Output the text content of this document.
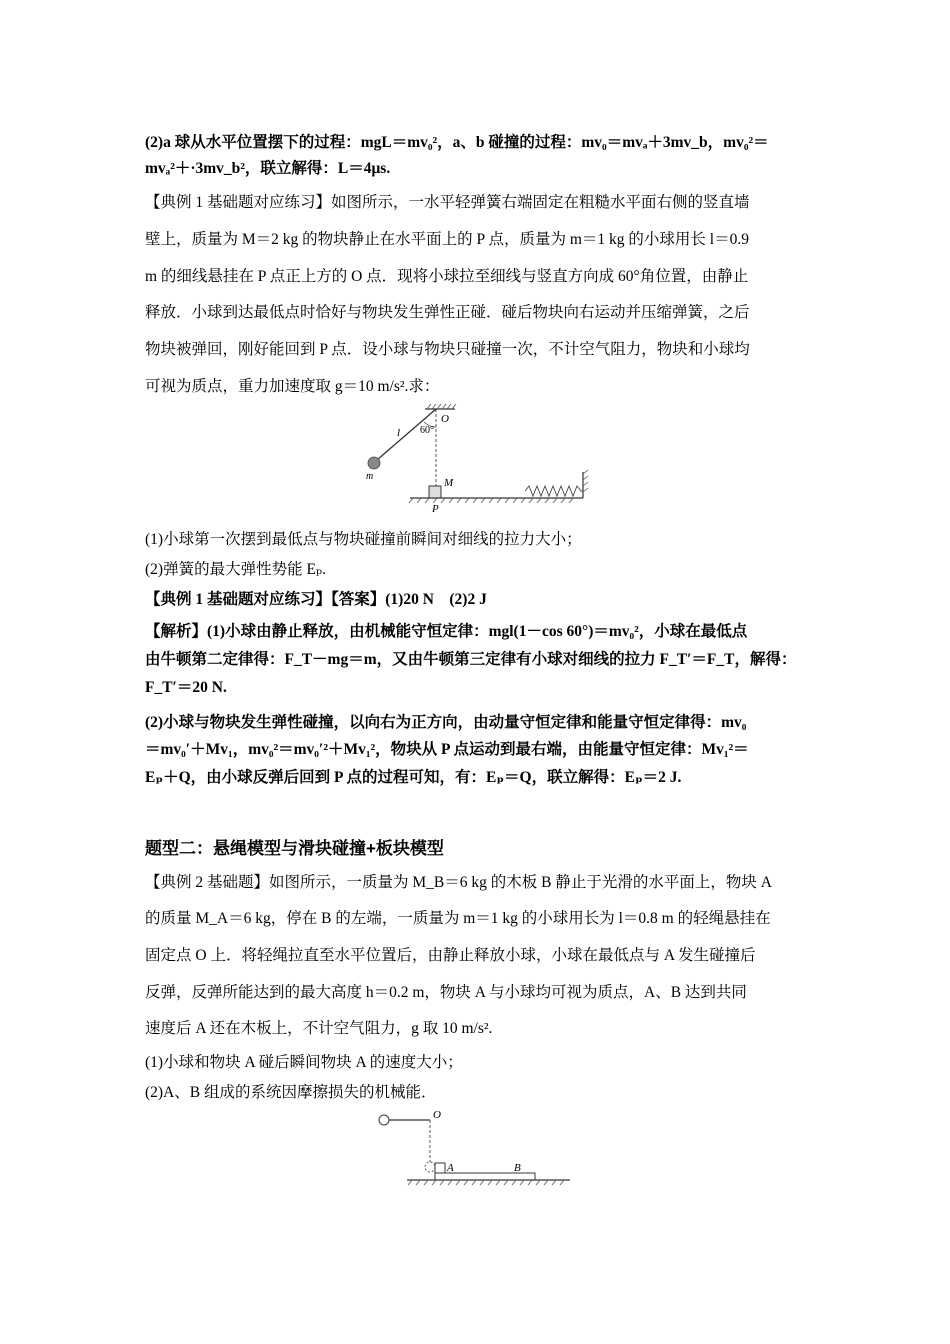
(2)a 球从水平位置摆下的过程：mgL＝mv₀²，a、b 碰撞的过程：mv₀＝mvₐ＋3mv_b，mv₀²＝
mvₐ²＋·3mv_b²，联立解得：L＝4μs.
【典例 1 基础题对应练习】如图所示，一水平轻弹簧右端固定在粗糙水平面右侧的竖直墙
壁上，质量为 M＝2 kg 的物块静止在水平面上的 P 点，质量为 m＝1 kg 的小球用长 l＝0.9
m 的细线悬挂在 P 点正上方的 O 点．现将小球拉至细线与竖直方向成 60°角位置，由静止
释放．小球到达最低点时恰好与物块发生弹性正碰．碰后物块向右运动并压缩弹簧，之后
物块被弹回，刚好能回到 P 点．设小球与物块只碰撞一次，不计空气阻力，物块和小球均
可视为质点，重力加速度取 g＝10 m/s².求：
(1)小球第一次摆到最低点与物块碰撞前瞬间对细线的拉力大小；
(2)弹簧的最大弹性势能 Eₚ.
【典例 1 基础题对应练习】【答案】(1)20 N　(2)2 J
【解析】(1)小球由静止释放，由机械能守恒定律：mgl(1－cos 60°)＝mv₀²，小球在最低点
由牛顿第二定律得：F_T－mg＝m，又由牛顿第三定律有小球对细线的拉力 F_T′＝F_T，解得：
F_T′＝20 N.
(2)小球与物块发生弹性碰撞，以向右为正方向，由动量守恒定律和能量守恒定律得：mv₀
＝mv₀′＋Mv₁，mv₀²＝mv₀′²＋Mv₁²，物块从 P 点运动到最右端，由能量守恒定律：Mv₁²＝
Eₚ＋Q，由小球反弹后回到 P 点的过程可知，有：Eₚ＝Q，联立解得：Eₚ＝2 J.
题型二：悬绳模型与滑块碰撞+板块模型
【典例 2 基础题】如图所示，一质量为 M_B＝6 kg 的木板 B 静止于光滑的水平面上，物块 A
的质量 M_A＝6 kg，停在 B 的左端，一质量为 m＝1 kg 的小球用长为 l＝0.8 m 的轻绳悬挂在
固定点 O 上．将轻绳拉直至水平位置后，由静止释放小球，小球在最低点与 A 发生碰撞后
反弹，反弹所能达到的最大高度 h＝0.2 m，物块 A 与小球均可视为质点，A、B 达到共同
速度后 A 还在木板上，不计空气阻力，g 取 10 m/s².
(1)小球和物块 A 碰后瞬间物块 A 的速度大小；
(2)A、B 组成的系统因摩擦损失的机械能．
O
60°
l
m
M
P
O
A	B
